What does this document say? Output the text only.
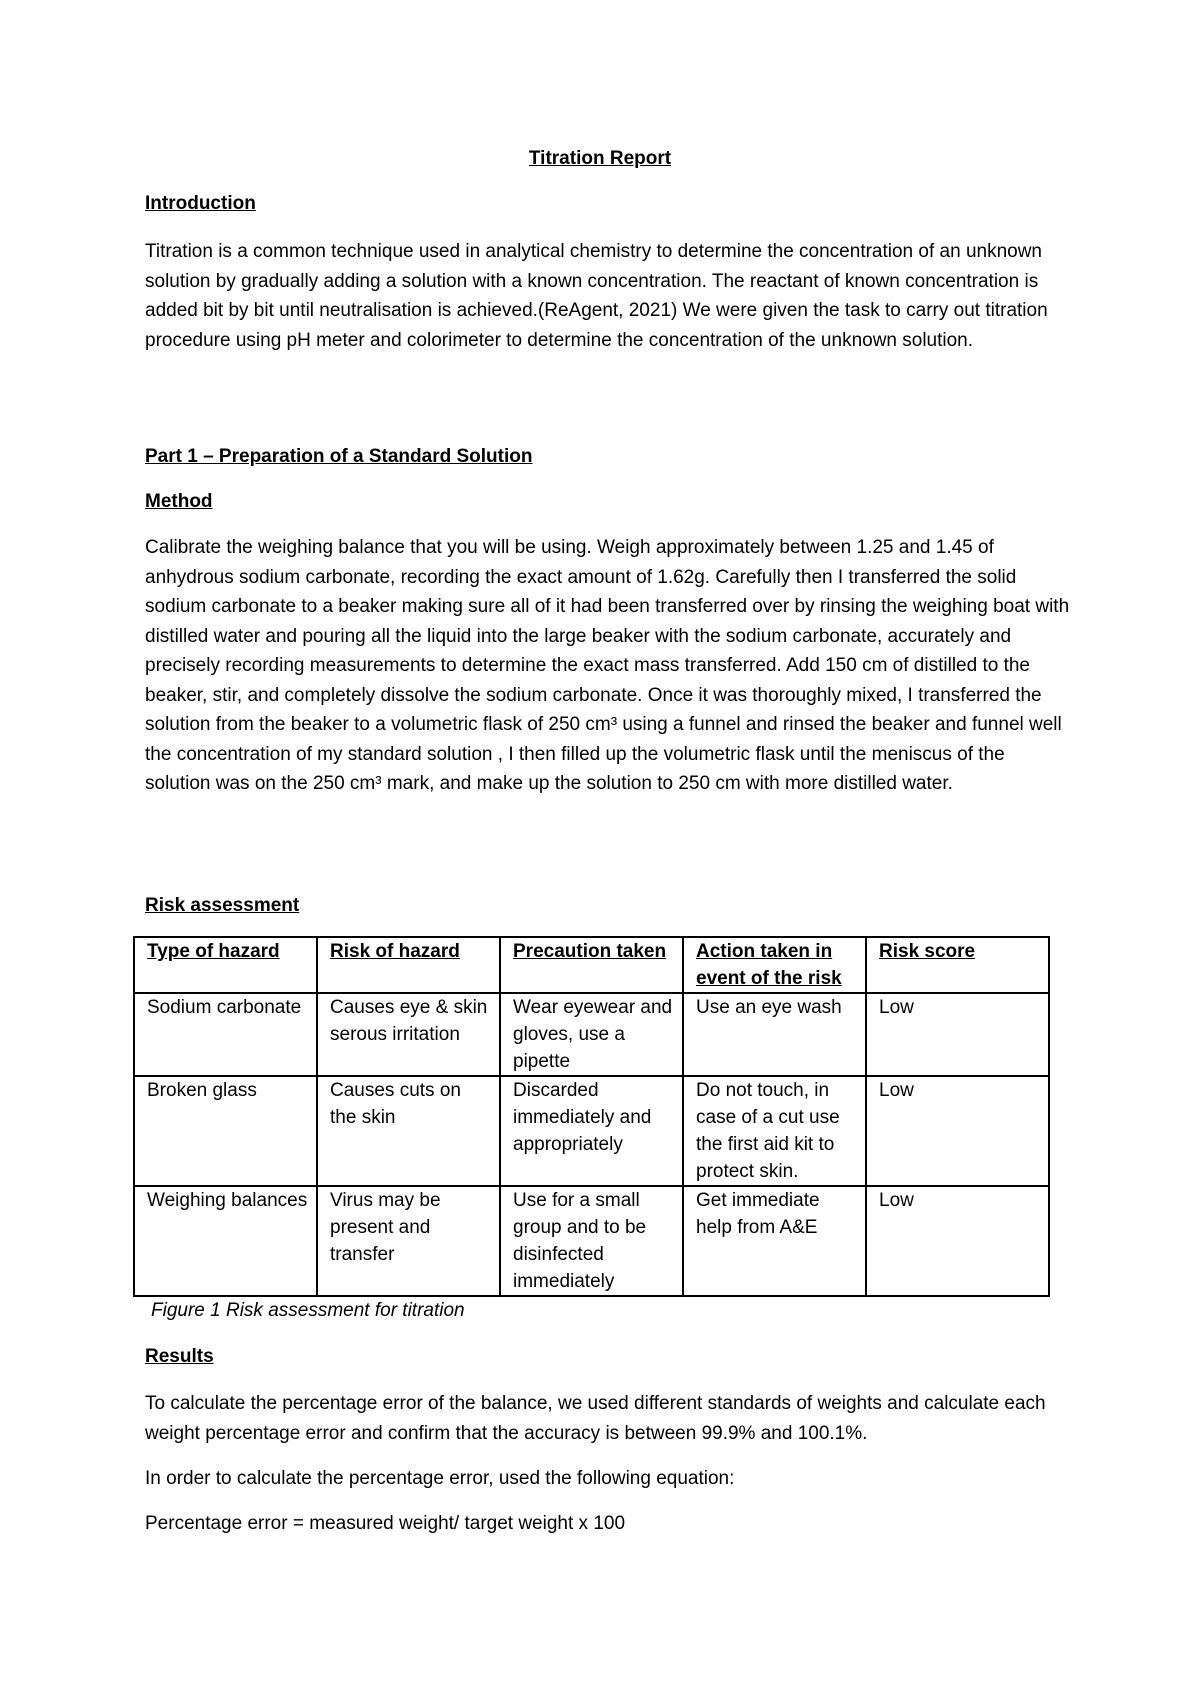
Titration Report

Introduction

Titration is a common technique used in analytical chemistry to determine the concentration of an unknown solution by gradually adding a solution with a known concentration. The reactant of known concentration is added bit by bit until neutralisation is achieved.(ReAgent, 2021) We were given the task to carry out titration procedure using pH meter and colorimeter to determine the concentration of the unknown solution.

Part 1 – Preparation of a Standard Solution

Method

Calibrate the weighing balance that you will be using. Weigh approximately between 1.25 and 1.45 of anhydrous sodium carbonate, recording the exact amount of 1.62g. Carefully then I transferred the solid sodium carbonate to a beaker making sure all of it had been transferred over by rinsing the weighing boat with distilled water and pouring all the liquid into the large beaker with the sodium carbonate, accurately and precisely recording measurements to determine the exact mass transferred. Add 150 cm of distilled to the beaker, stir, and completely dissolve the sodium carbonate. Once it was thoroughly mixed, I transferred the solution from the beaker to a volumetric flask of 250 cm³ using a funnel and rinsed the beaker and funnel well the concentration of my standard solution , I then filled up the volumetric flask until the meniscus of the solution was on the 250 cm³ mark, and make up the solution to 250 cm with more distilled water.

Risk assessment

Type of hazard	Risk of hazard	Precaution taken	Action taken in event of the risk	Risk score
Sodium carbonate	Causes eye & skin serous irritation	Wear eyewear and gloves, use a pipette	Use an eye wash	Low
Broken glass	Causes cuts on the skin	Discarded immediately and appropriately	Do not touch, in case of a cut use the first aid kit to protect skin.	Low
Weighing balances	Virus may be present and transfer	Use for a small group and to be disinfected immediately	Get immediate help from A&E	Low

Figure 1 Risk assessment for titration

Results

To calculate the percentage error of the balance, we used different standards of weights and calculate each weight percentage error and confirm that the accuracy is between 99.9% and 100.1%.

In order to calculate the percentage error, used the following equation:

Percentage error = measured weight/ target weight x 100
